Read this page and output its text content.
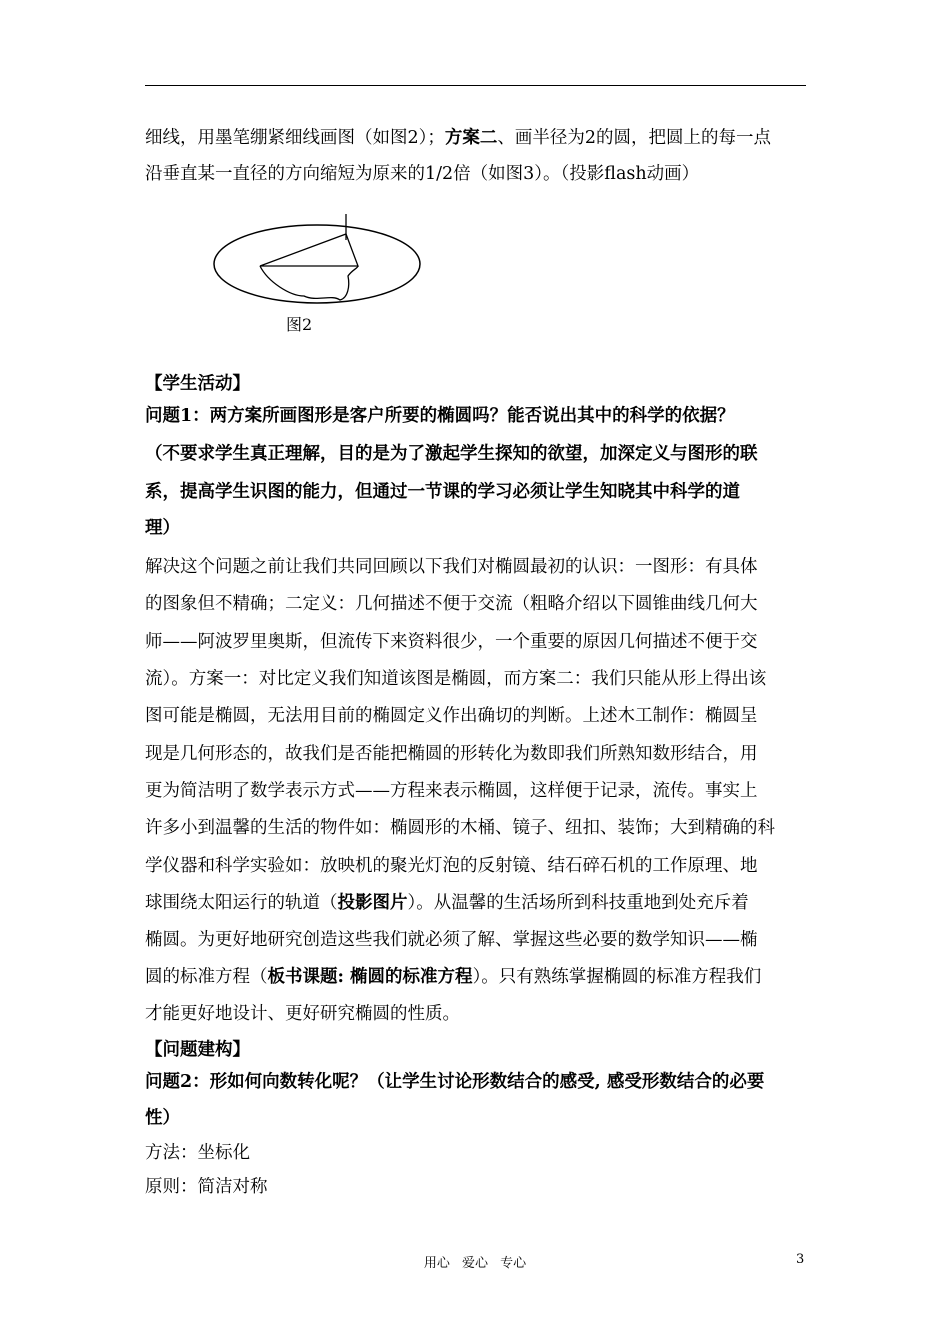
细线，用墨笔绷紧细线画图（如图2）；方案二、画半径为2的圆，把圆上的每一点
沿垂直某一直径的方向缩短为原来的1/2倍（如图3）。（投影flash动画）
图2
【学生活动】
问题1：两方案所画图形是客户所要的椭圆吗？能否说出其中的科学的依据？
（不要求学生真正理解，目的是为了激起学生探知的欲望，加深定义与图形的联
系，提高学生识图的能力，但通过一节课的学习必须让学生知晓其中科学的道
理）
解决这个问题之前让我们共同回顾以下我们对椭圆最初的认识：一图形：有具体
的图象但不精确；二定义：几何描述不便于交流（粗略介绍以下圆锥曲线几何大
师——阿波罗里奥斯，但流传下来资料很少，一个重要的原因几何描述不便于交
流）。方案一：对比定义我们知道该图是椭圆，而方案二：我们只能从形上得出该
图可能是椭圆，无法用目前的椭圆定义作出确切的判断。上述木工制作：椭圆呈
现是几何形态的，故我们是否能把椭圆的形转化为数即我们所熟知数形结合，用
更为简洁明了数学表示方式——方程来表示椭圆，这样便于记录，流传。事实上
许多小到温馨的生活的物件如：椭圆形的木桶、镜子、纽扣、装饰；大到精确的科
学仪器和科学实验如：放映机的聚光灯泡的反射镜、结石碎石机的工作原理、地
球围绕太阳运行的轨道（投影图片）。从温馨的生活场所到科技重地到处充斥着
椭圆。为更好地研究创造这些我们就必须了解、掌握这些必要的数学知识——椭
圆的标准方程（板书课题: 椭圆的标准方程）。只有熟练掌握椭圆的标准方程我们
才能更好地设计、更好研究椭圆的性质。
【问题建构】
问题2：形如何向数转化呢？（让学生讨论形数结合的感受, 感受形数结合的必要
性）
方法：坐标化
原则：简洁对称
用心 爱心 专心	3
